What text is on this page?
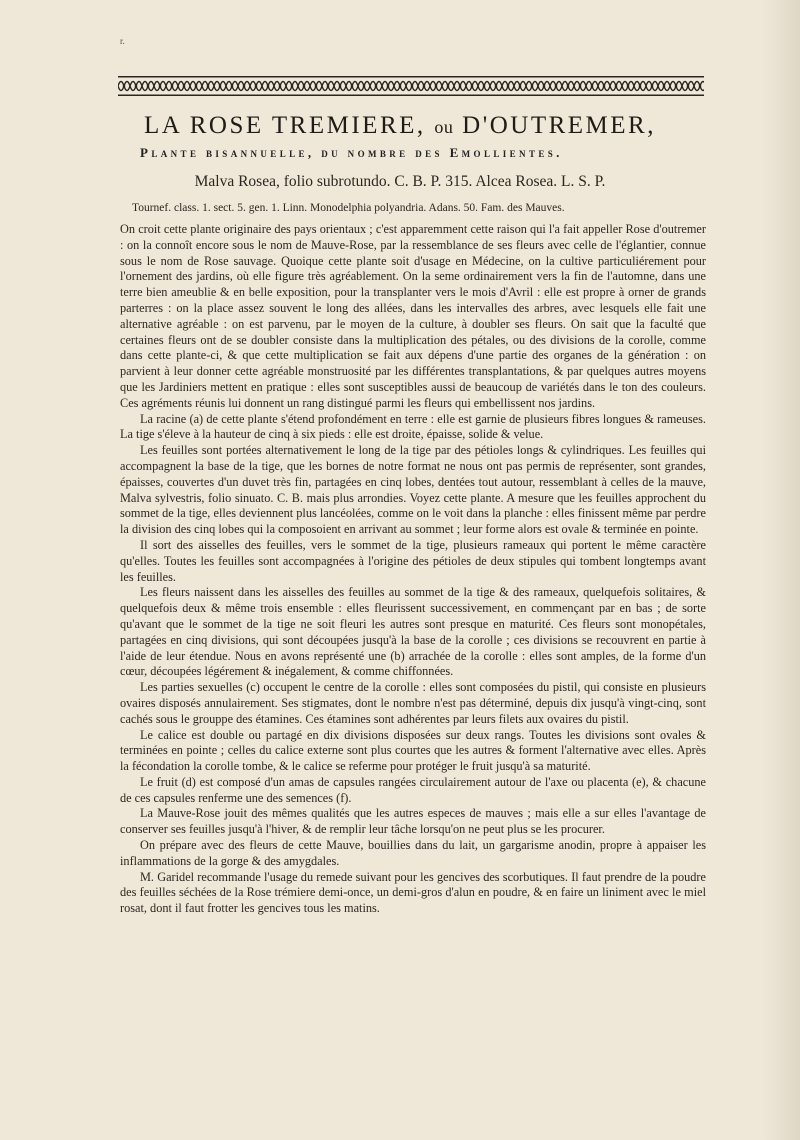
r.
LA ROSE TREMIERE, ou D'OUTREMER,
Plante bisannuelle, du nombre des Emollientes.
Malva Rosea, folio subrotundo. C. B. P. 315. Alcea Rosea. L. S. P.
Tournef. class. 1. sect. 5. gen. 1. Linn. Monodelphia polyandria. Adans. 50. Fam. des Mauves.

On croit cette plante originaire des pays orientaux ; c'est apparemment cette raison qui l'a fait appeller Rose d'outremer : on la connoît encore sous le nom de Mauve-Rose, par la ressemblance de ses fleurs avec celle de l'églantier, connue sous le nom de Rose sauvage. Quoique cette plante soit d'usage en Médecine, on la cultive particuliérement pour l'ornement des jardins, où elle figure très agréablement. On la seme ordinairement vers la fin de l'automne, dans une terre bien ameublie & en belle exposition, pour la transplanter vers le mois d'Avril : elle est propre à orner de grands parterres : on la place assez souvent le long des allées, dans les intervalles des arbres, avec lesquels elle fait une alternative agréable : on est parvenu, par le moyen de la culture, à doubler ses fleurs. On sait que la faculté que certaines fleurs ont de se doubler consiste dans la multiplication des pétales, ou des divisions de la corolle, comme dans cette plante-ci, & que cette multiplication se fait aux dépens d'une partie des organes de la génération : on parvient à leur donner cette agréable monstruosité par les différentes transplantations, & par quelques autres moyens que les Jardiniers mettent en pratique : elles sont susceptibles aussi de beaucoup de variétés dans le ton des couleurs. Ces agréments réunis lui donnent un rang distingué parmi les fleurs qui embellissent nos jardins.

La racine (a) de cette plante s'étend profondément en terre : elle est garnie de plusieurs fibres longues & rameuses. La tige s'éleve à la hauteur de cinq à six pieds : elle est droite, épaisse, solide & velue.

Les feuilles sont portées alternativement le long de la tige par des pétioles longs & cylindriques. Les feuilles qui accompagnent la base de la tige, que les bornes de notre format ne nous ont pas permis de représenter, sont grandes, épaisses, couvertes d'un duvet très fin, partagées en cinq lobes, dentées tout autour, ressemblant à celles de la mauve, Malva sylvestris, folio sinuato. C. B. mais plus arrondies. Voyez cette plante. A mesure que les feuilles approchent du sommet de la tige, elles deviennent plus lancéolées, comme on le voit dans la planche : elles finissent même par perdre la division des cinq lobes qui la composoient en arrivant au sommet ; leur forme alors est ovale & terminée en pointe.

Il sort des aisselles des feuilles, vers le sommet de la tige, plusieurs rameaux qui portent le même caractère qu'elles. Toutes les feuilles sont accompagnées à l'origine des pétioles de deux stipules qui tombent longtemps avant les feuilles.

Les fleurs naissent dans les aisselles des feuilles au sommet de la tige & des rameaux, quelquefois solitaires, & quelquefois deux & même trois ensemble : elles fleurissent successivement, en commençant par en bas ; de sorte qu'avant que le sommet de la tige ne soit fleuri les autres sont presque en maturité. Ces fleurs sont monopétales, partagées en cinq divisions, qui sont découpées jusqu'à la base de la corolle ; ces divisions se recouvrent en partie à l'aide de leur étendue. Nous en avons représenté une (b) arrachée de la corolle : elles sont amples, de la forme d'un cœur, découpées légérement & inégalement, & comme chiffonnées.

Les parties sexuelles (c) occupent le centre de la corolle : elles sont composées du pistil, qui consiste en plusieurs ovaires disposés annulairement. Ses stigmates, dont le nombre n'est pas déterminé, depuis dix jusqu'à vingt-cinq, sont cachés sous le grouppe des étamines. Ces étamines sont adhérentes par leurs filets aux ovaires du pistil.

Le calice est double ou partagé en dix divisions disposées sur deux rangs. Toutes les divisions sont ovales & terminées en pointe ; celles du calice externe sont plus courtes que les autres & forment l'alternative avec elles. Après la fécondation la corolle tombe, & le calice se referme pour protéger le fruit jusqu'à sa maturité.

Le fruit (d) est composé d'un amas de capsules rangées circulairement autour de l'axe ou placenta (e), & chacune de ces capsules renferme une des semences (f).

La Mauve-Rose jouit des mêmes qualités que les autres especes de mauves ; mais elle a sur elles l'avantage de conserver ses feuilles jusqu'à l'hiver, & de remplir leur tâche lorsqu'on ne peut plus se les procurer.

On prépare avec des fleurs de cette Mauve, bouillies dans du lait, un gargarisme anodin, propre à appaiser les inflammations de la gorge & des amygdales.

M. Garidel recommande l'usage du remede suivant pour les gencives des scorbutiques. Il faut prendre de la poudre des feuilles séchées de la Rose trémiere demi-once, un demi-gros d'alun en poudre, & en faire un liniment avec le miel rosat, dont il faut frotter les gencives tous les matins.
